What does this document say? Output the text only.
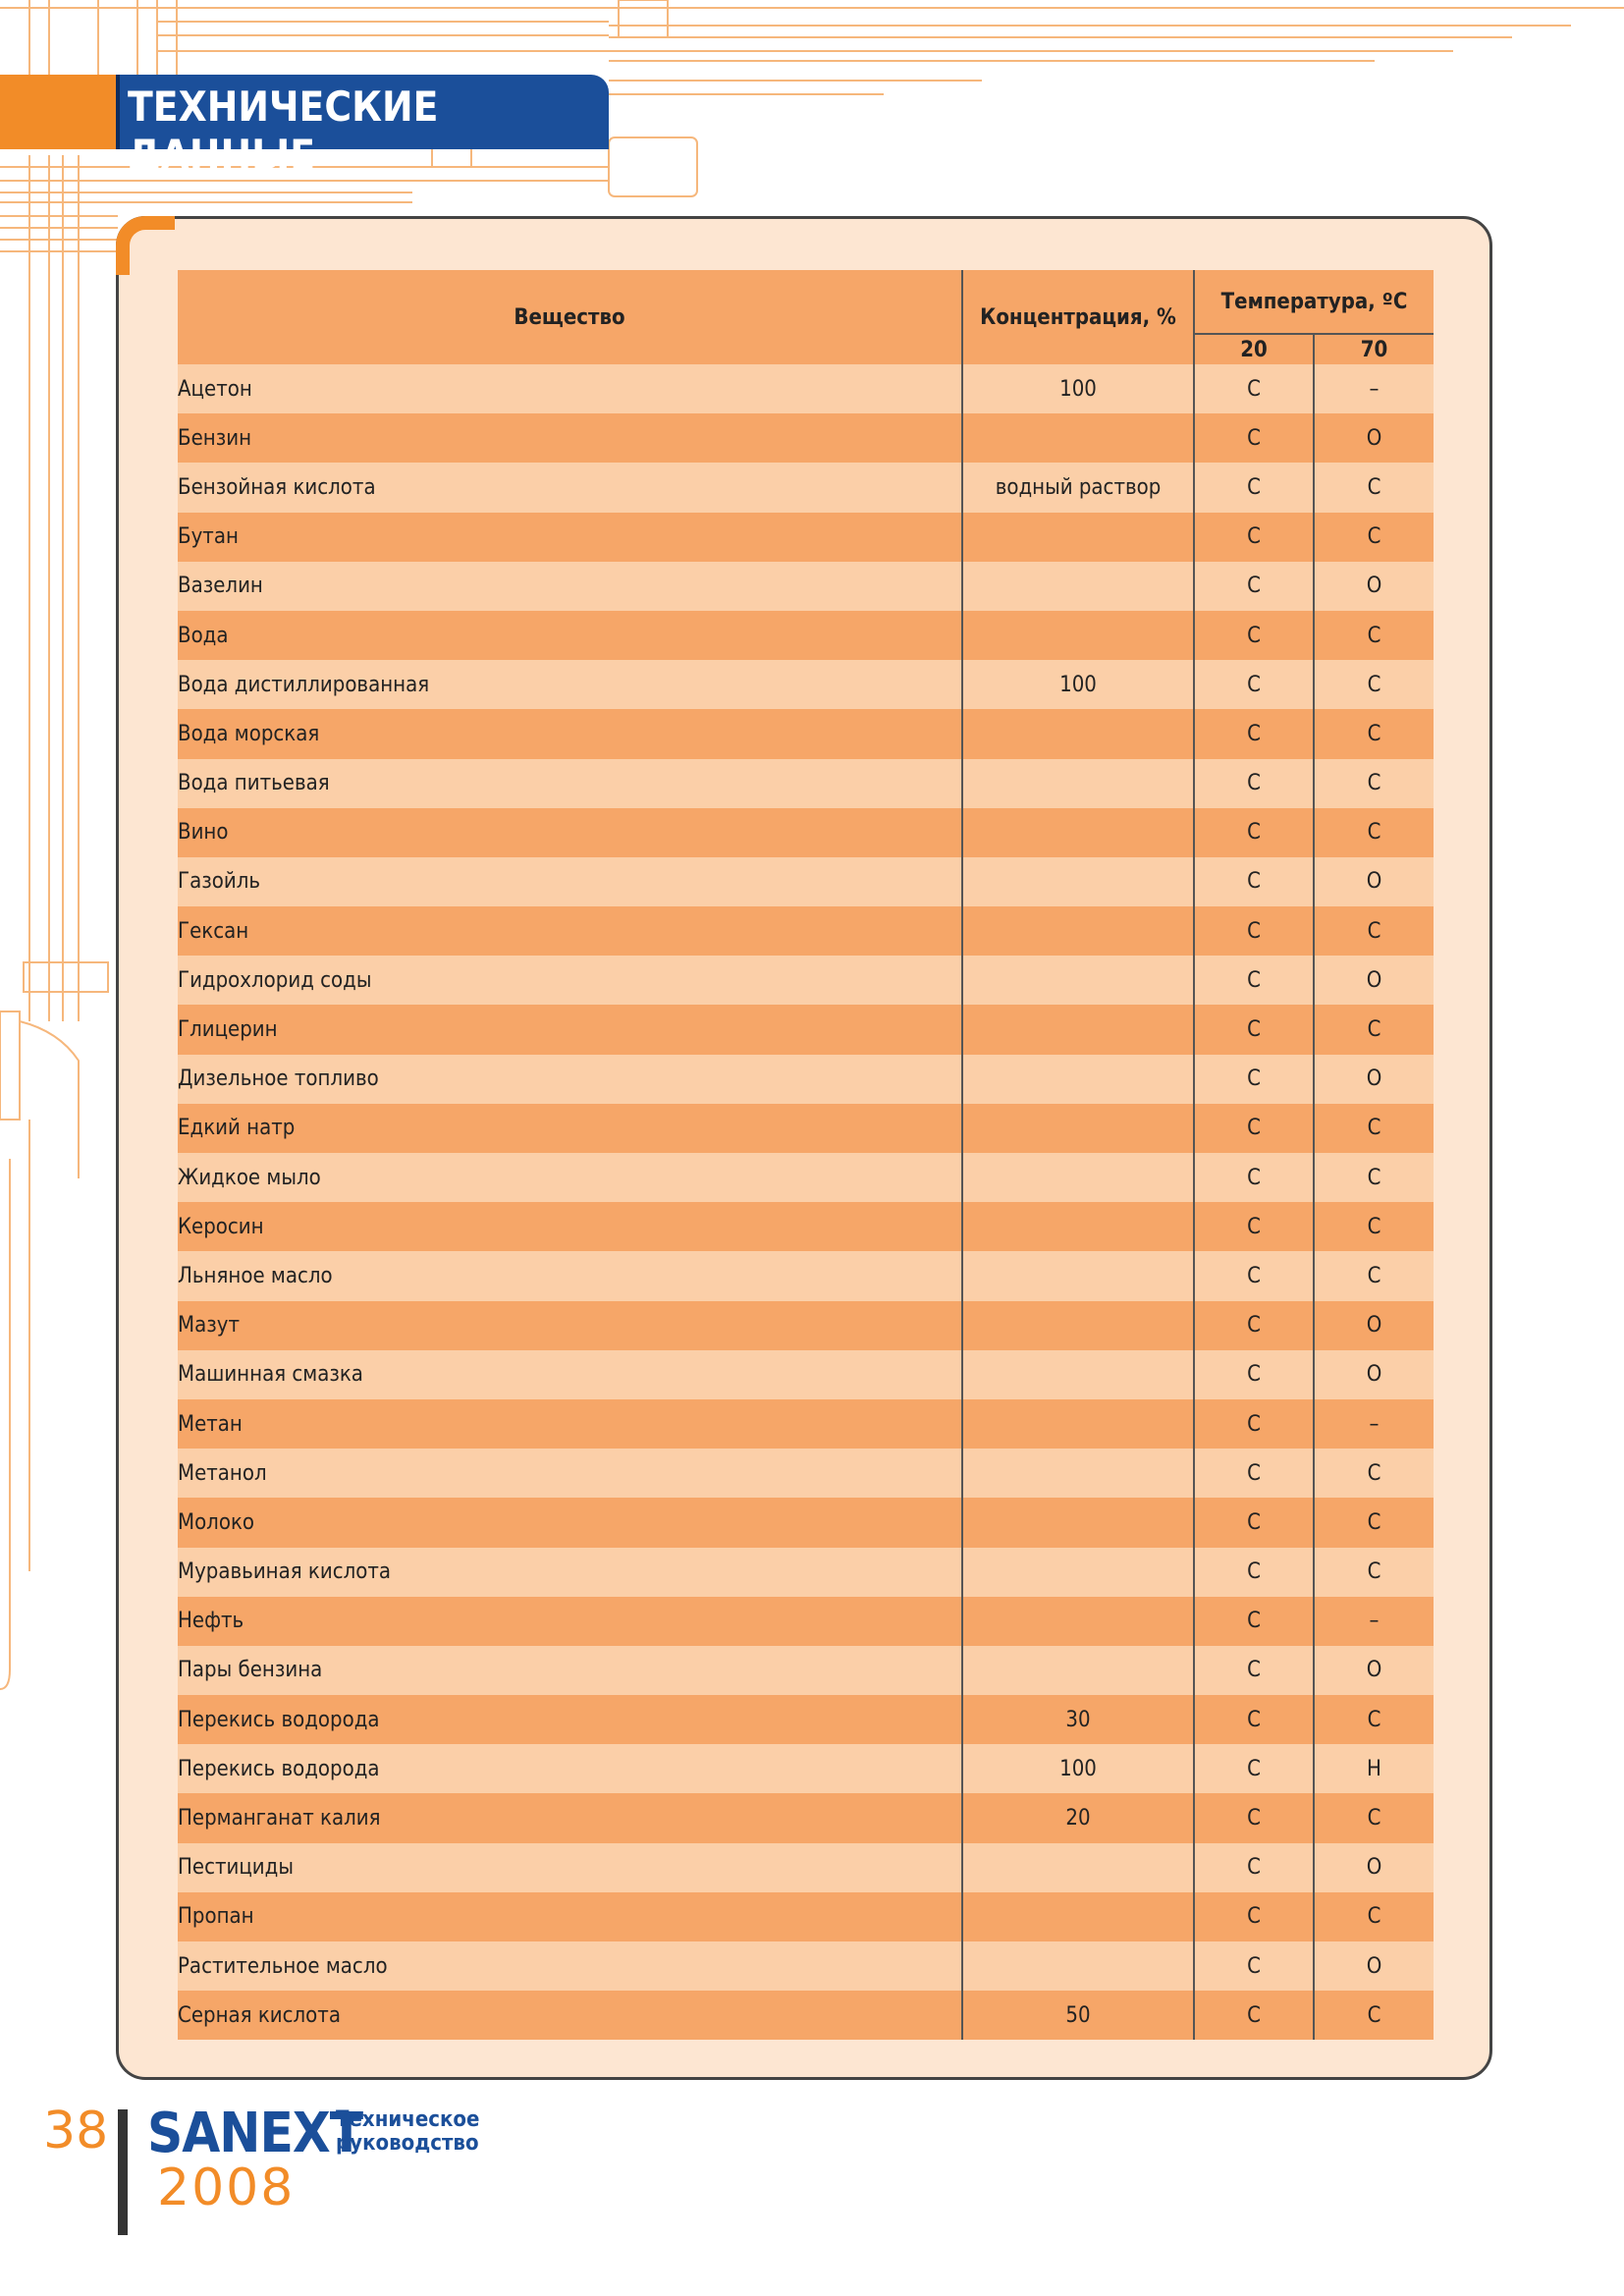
ТЕХНИЧЕСКИЕ ДАННЫЕ
Вещество	Концентрация, %	Температура, ºС	
		20	70
Ацетон	100	С	–
Бензин		С	О
Бензойная кислота	водный раствор	С	С
Бутан		С	С
Вазелин		С	О
Вода		С	С
Вода дистиллированная	100	С	С
Вода морская		С	С
Вода питьевая		С	С
Вино		С	С
Газойль		С	О
Гексан		С	С
Гидрохлорид соды		С	О
Глицерин		С	С
Дизельное топливо		С	О
Едкий натр		С	С
Жидкое мыло		С	С
Керосин		С	С
Льняное масло		С	С
Мазут		С	О
Машинная смазка		С	О
Метан		С	–
Метанол		С	С
Молоко		С	С
Муравьиная кислота		С	С
Нефть		С	–
Пары бензина		С	О
Перекись водорода	30	С	С
Перекись водорода	100	С	Н
Перманганат калия	20	С	С
Пестициды		С	О
Пропан		С	С
Растительное масло		С	О
Серная кислота	50	С	С
38 SANEXT
Техническое
руководство
2008
